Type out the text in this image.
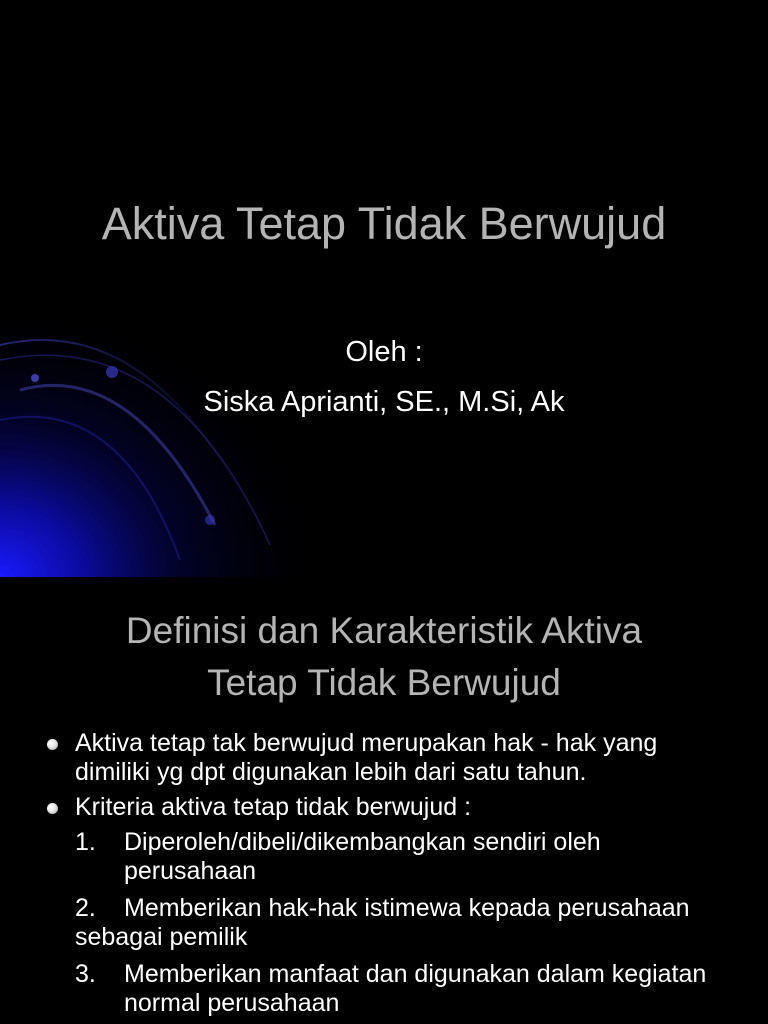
Aktiva Tetap Tidak Berwujud
Oleh :
Siska Aprianti, SE., M.Si, Ak
Definisi dan Karakteristik Aktiva
Tetap Tidak Berwujud
Aktiva tetap tak berwujud merupakan hak - hak yang dimiliki yg dpt digunakan lebih dari satu tahun.
Kriteria aktiva tetap tidak berwujud :
1. Diperoleh/dibeli/dikembangkan sendiri oleh perusahaan
2. Memberikan hak-hak istimewa kepada perusahaan sebagai pemilik
3. Memberikan manfaat dan digunakan dalam kegiatan normal perusahaan
